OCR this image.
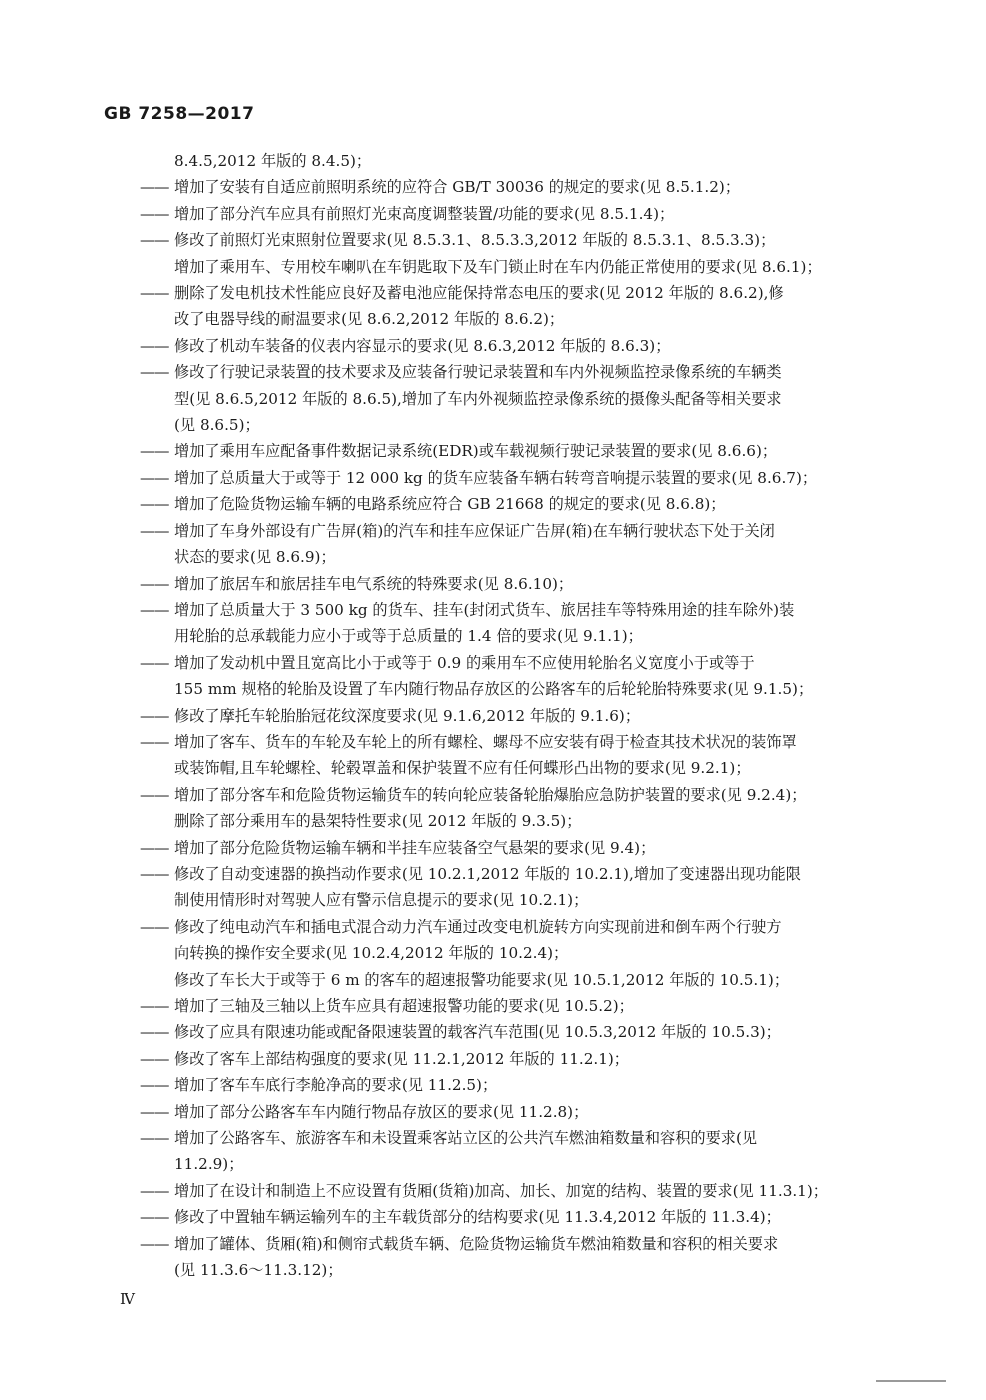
GB 7258—2017
8.4.5,2012 年版的 8.4.5)；
—— 增加了安装有自适应前照明系统的应符合 GB/T 30036 的规定的要求(见 8.5.1.2)；
—— 增加了部分汽车应具有前照灯光束高度调整装置/功能的要求(见 8.5.1.4)；
—— 修改了前照灯光束照射位置要求(见 8.5.3.1、8.5.3.3,2012 年版的 8.5.3.1、8.5.3.3)；
增加了乘用车、专用校车喇叭在车钥匙取下及车门锁止时在车内仍能正常使用的要求(见 8.6.1)；
—— 删除了发电机技术性能应良好及蓄电池应能保持常态电压的要求(见 2012 年版的 8.6.2),修
改了电器导线的耐温要求(见 8.6.2,2012 年版的 8.6.2)；
—— 修改了机动车装备的仪表内容显示的要求(见 8.6.3,2012 年版的 8.6.3)；
—— 修改了行驶记录装置的技术要求及应装备行驶记录装置和车内外视频监控录像系统的车辆类
型(见 8.6.5,2012 年版的 8.6.5),增加了车内外视频监控录像系统的摄像头配备等相关要求
(见 8.6.5)；
—— 增加了乘用车应配备事件数据记录系统(EDR)或车载视频行驶记录装置的要求(见 8.6.6)；
—— 增加了总质量大于或等于 12 000 kg 的货车应装备车辆右转弯音响提示装置的要求(见 8.6.7)；
—— 增加了危险货物运输车辆的电路系统应符合 GB 21668 的规定的要求(见 8.6.8)；
—— 增加了车身外部设有广告屏(箱)的汽车和挂车应保证广告屏(箱)在车辆行驶状态下处于关闭
状态的要求(见 8.6.9)；
—— 增加了旅居车和旅居挂车电气系统的特殊要求(见 8.6.10)；
—— 增加了总质量大于 3 500 kg 的货车、挂车(封闭式货车、旅居挂车等特殊用途的挂车除外)装
用轮胎的总承载能力应小于或等于总质量的 1.4 倍的要求(见 9.1.1)；
—— 增加了发动机中置且宽高比小于或等于 0.9 的乘用车不应使用轮胎名义宽度小于或等于
155 mm 规格的轮胎及设置了车内随行物品存放区的公路客车的后轮轮胎特殊要求(见 9.1.5)；
—— 修改了摩托车轮胎胎冠花纹深度要求(见 9.1.6,2012 年版的 9.1.6)；
—— 增加了客车、货车的车轮及车轮上的所有螺栓、螺母不应安装有碍于检查其技术状况的装饰罩
或装饰帽,且车轮螺栓、轮毂罩盖和保护装置不应有任何蝶形凸出物的要求(见 9.2.1)；
—— 增加了部分客车和危险货物运输货车的转向轮应装备轮胎爆胎应急防护装置的要求(见 9.2.4)；
删除了部分乘用车的悬架特性要求(见 2012 年版的 9.3.5)；
—— 增加了部分危险货物运输车辆和半挂车应装备空气悬架的要求(见 9.4)；
—— 修改了自动变速器的换挡动作要求(见 10.2.1,2012 年版的 10.2.1),增加了变速器出现功能限
制使用情形时对驾驶人应有警示信息提示的要求(见 10.2.1)；
—— 修改了纯电动汽车和插电式混合动力汽车通过改变电机旋转方向实现前进和倒车两个行驶方
向转换的操作安全要求(见 10.2.4,2012 年版的 10.2.4)；
修改了车长大于或等于 6 m 的客车的超速报警功能要求(见 10.5.1,2012 年版的 10.5.1)；
—— 增加了三轴及三轴以上货车应具有超速报警功能的要求(见 10.5.2)；
—— 修改了应具有限速功能或配备限速装置的载客汽车范围(见 10.5.3,2012 年版的 10.5.3)；
—— 修改了客车上部结构强度的要求(见 11.2.1,2012 年版的 11.2.1)；
—— 增加了客车车底行李舱净高的要求(见 11.2.5)；
—— 增加了部分公路客车车内随行物品存放区的要求(见 11.2.8)；
—— 增加了公路客车、旅游客车和未设置乘客站立区的公共汽车燃油箱数量和容积的要求(见
11.2.9)；
—— 增加了在设计和制造上不应设置有货厢(货箱)加高、加长、加宽的结构、装置的要求(见 11.3.1)；
—— 修改了中置轴车辆运输列车的主车载货部分的结构要求(见 11.3.4,2012 年版的 11.3.4)；
—— 增加了罐体、货厢(箱)和侧帘式载货车辆、危险货物运输货车燃油箱数量和容积的相关要求
(见 11.3.6～11.3.12)；
Ⅳ
